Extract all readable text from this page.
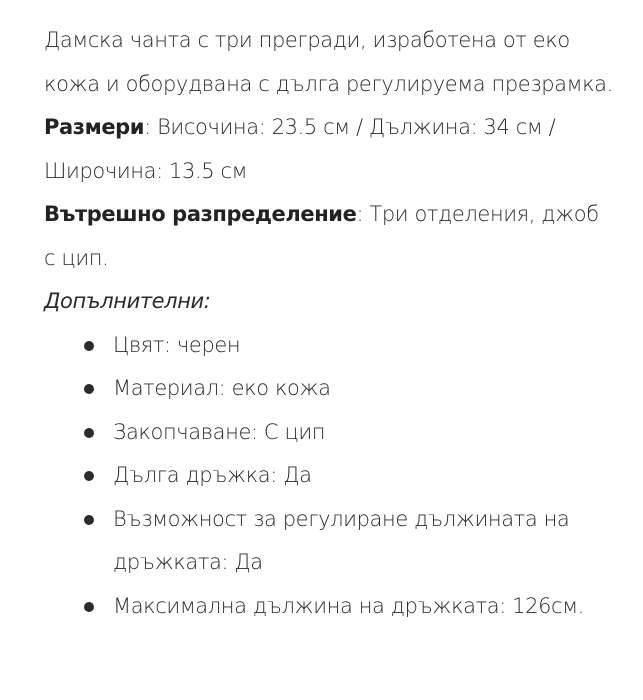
Дамска чанта с три прегради, изработена от еко кожа и оборудвана с дълга регулируема презрамка.

Размери: Височина: 23.5 см / Дължина: 34 см / Широчина: 13.5 см

Вътрешно разпределение: Три отделения, джоб с цип.

Допълнителни:

Цвят: черен
Материал: еко кожа
Закопчаване: С цип
Дълга дръжка: Да
Възможност за регулиране дължината на дръжката: Да
Максимална дължина на дръжката: 126см.
